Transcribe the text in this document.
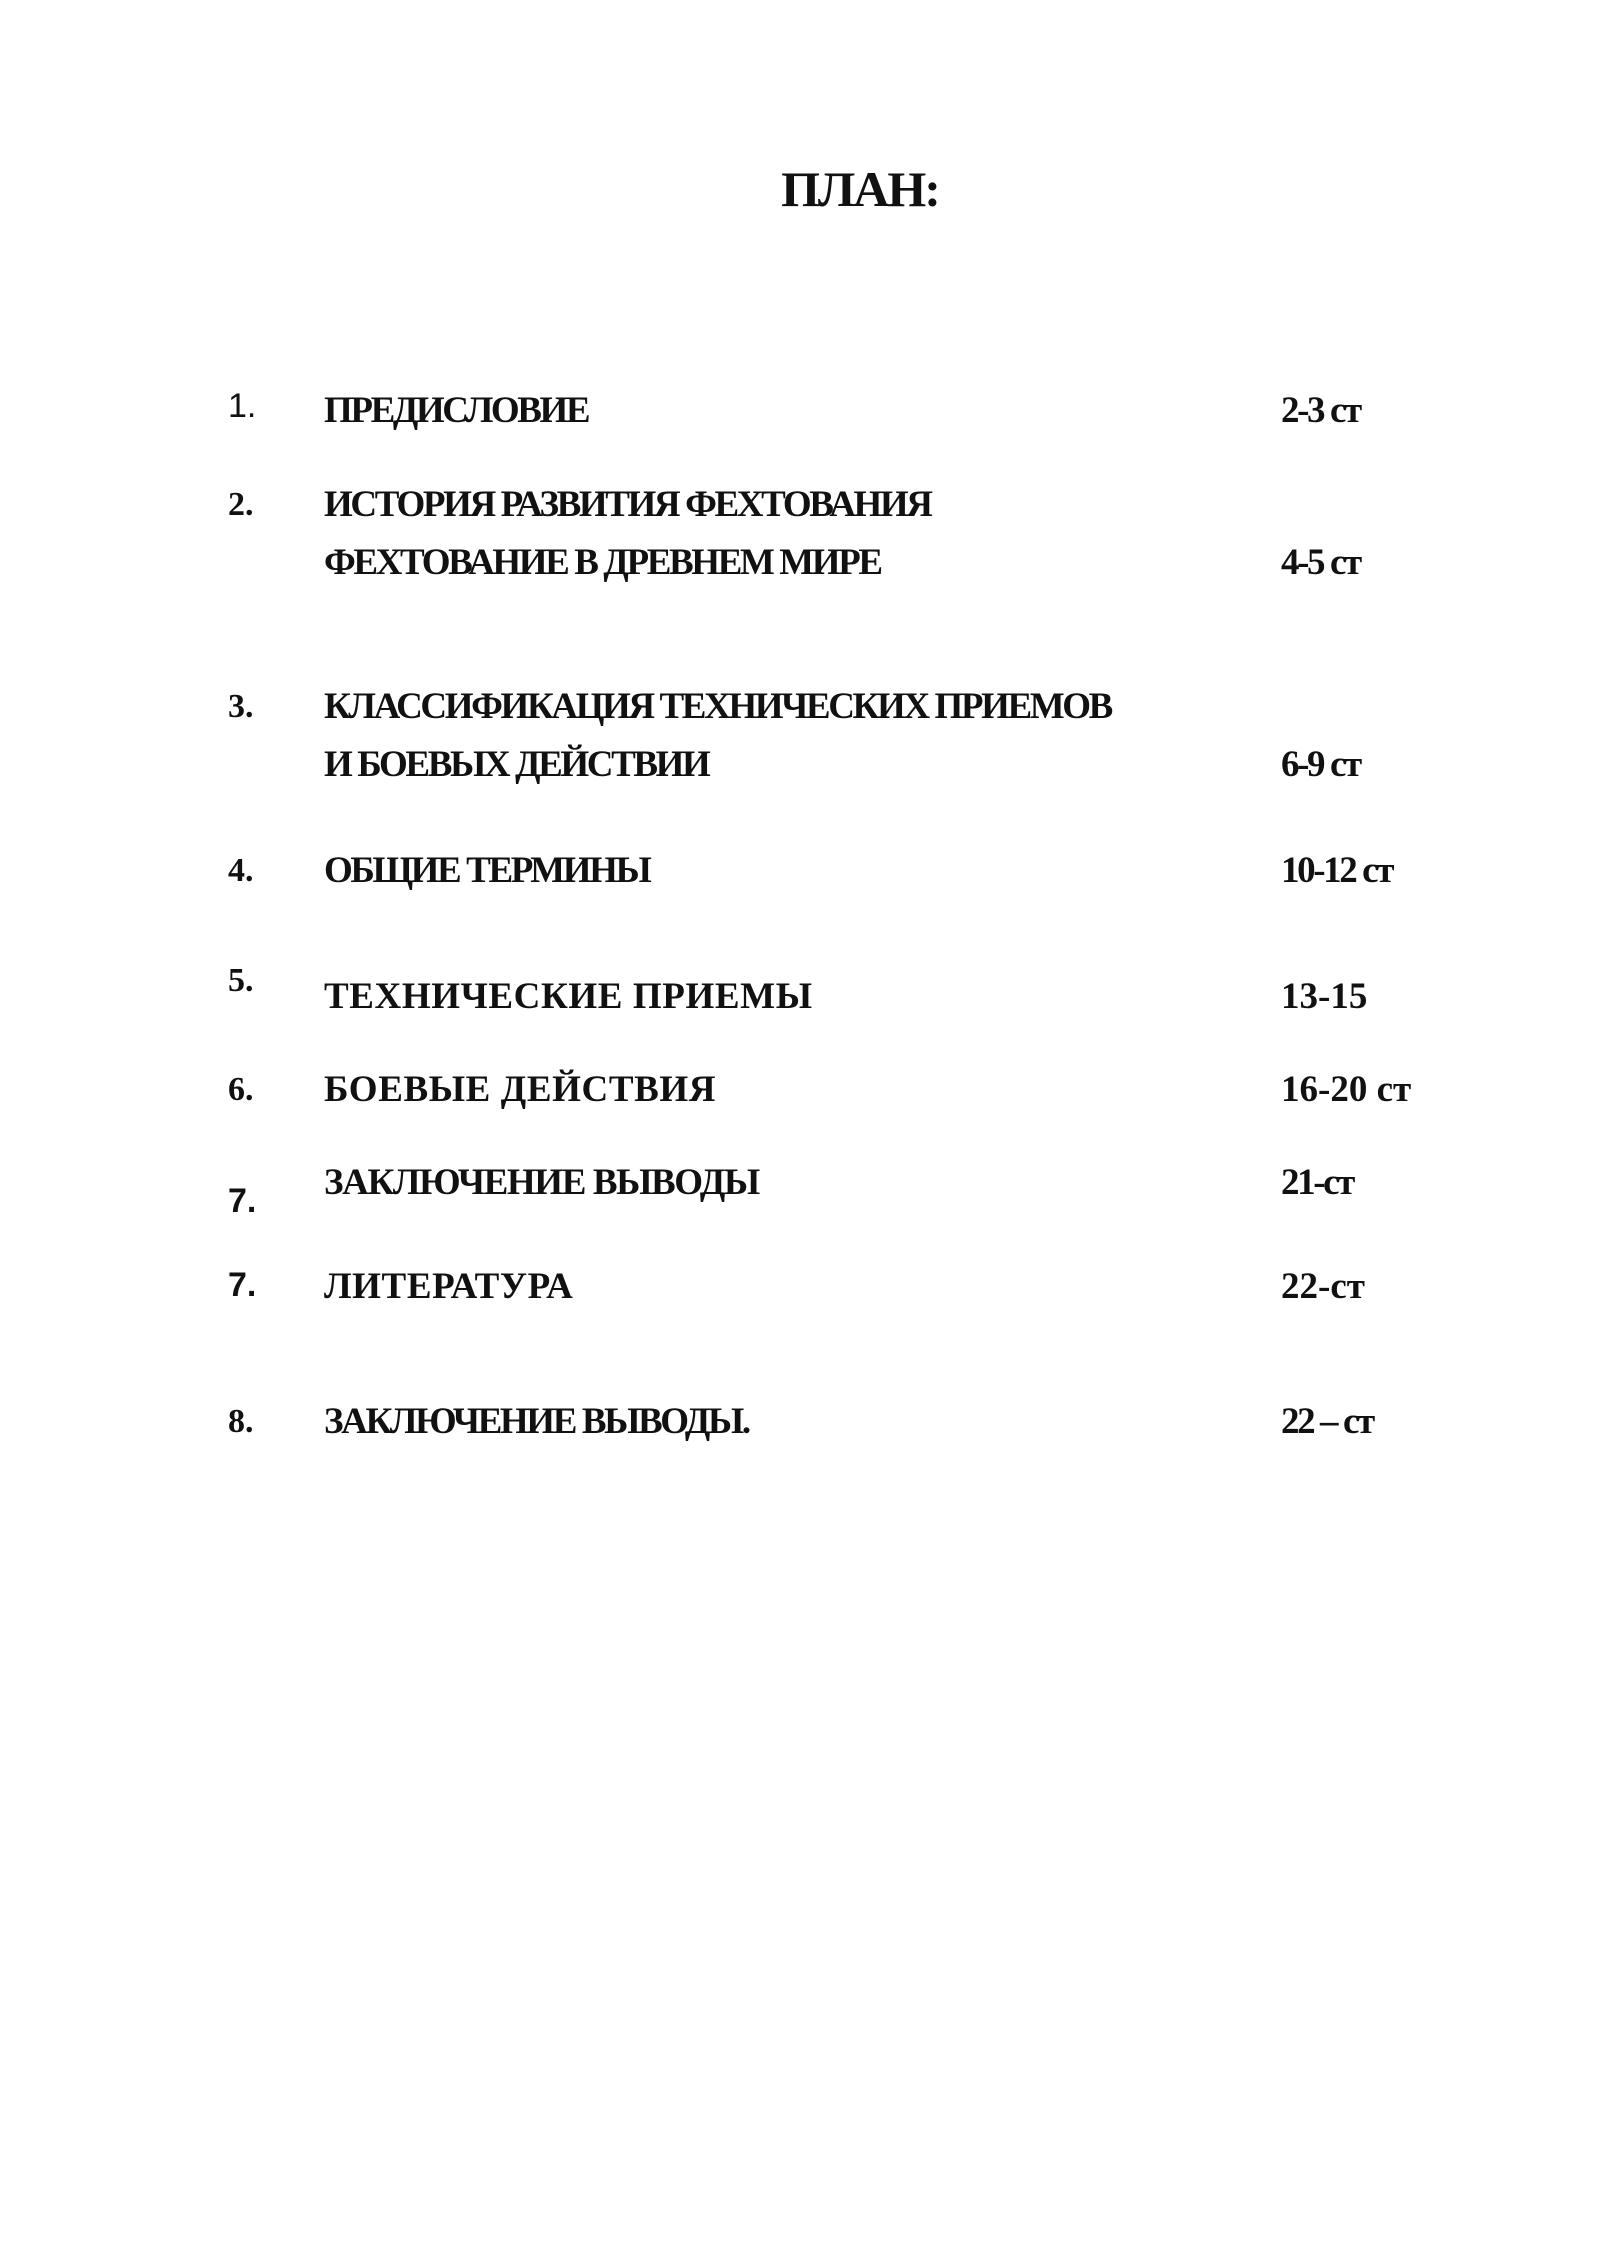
ПЛАН:
1. ПРЕДИСЛОВИЕ	2-3 ст
2. ИСТОРИЯ РАЗВИТИЯ ФЕХТОВАНИЯ
ФЕХТОВАНИЕ В ДРЕВНЕМ МИРЕ	4-5 ст
3. КЛАССИФИКАЦИЯ ТЕХНИЧЕСКИХ ПРИЕМОВ
И БОЕВЫХ ДЕЙСТВИИ	6-9 ст
4. ОБЩИЕ ТЕРМИНЫ	10-12 ст
5. ТЕХНИЧЕСКИЕ ПРИЕМЫ	13-15
6. БОЕВЫЕ ДЕЙСТВИЯ	16-20 ст
7. ЗАКЛЮЧЕНИЕ ВЫВОДЫ	21-ст
7. ЛИТЕРАТУРА	22-ст
8. ЗАКЛЮЧЕНИЕ ВЫВОДЫ.	22 – ст
